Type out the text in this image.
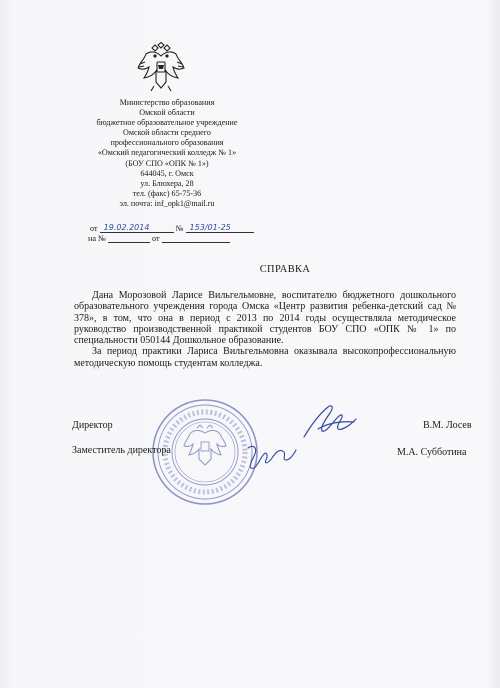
Министерство образования
Омской области
бюджетное образовательное учреждение
Омской области среднего
профессионального образования
«Омский педагогический колледж № 1»
(БОУ СПО «ОПК № 1»)
644045, г. Омск
ул. Блюхера, 28
тел. (факс) 65-75-36
эл. почта: inf_opk1@mail.ru
от 19.02.2014	№ 153/01-25
на №	от
СПРАВКА

Дана Морозовой Ларисе Вильгельмовне, воспитателю бюджетного дошкольного образовательного учреждения города Омска «Центр развития ребенка-детский сад № 378», в том, что она в период с 2013 по 2014 годы осуществляла методическое руководство производственной практикой студентов БОУ СПО «ОПК № 1» по специальности 050144 Дошкольное образование.

За период практики Лариса Вильгельмовна оказывала высокопрофессиональную методическую помощь студентам колледжа.

Директор	В.М. Лосев
Заместитель директора	М.А. Субботина
